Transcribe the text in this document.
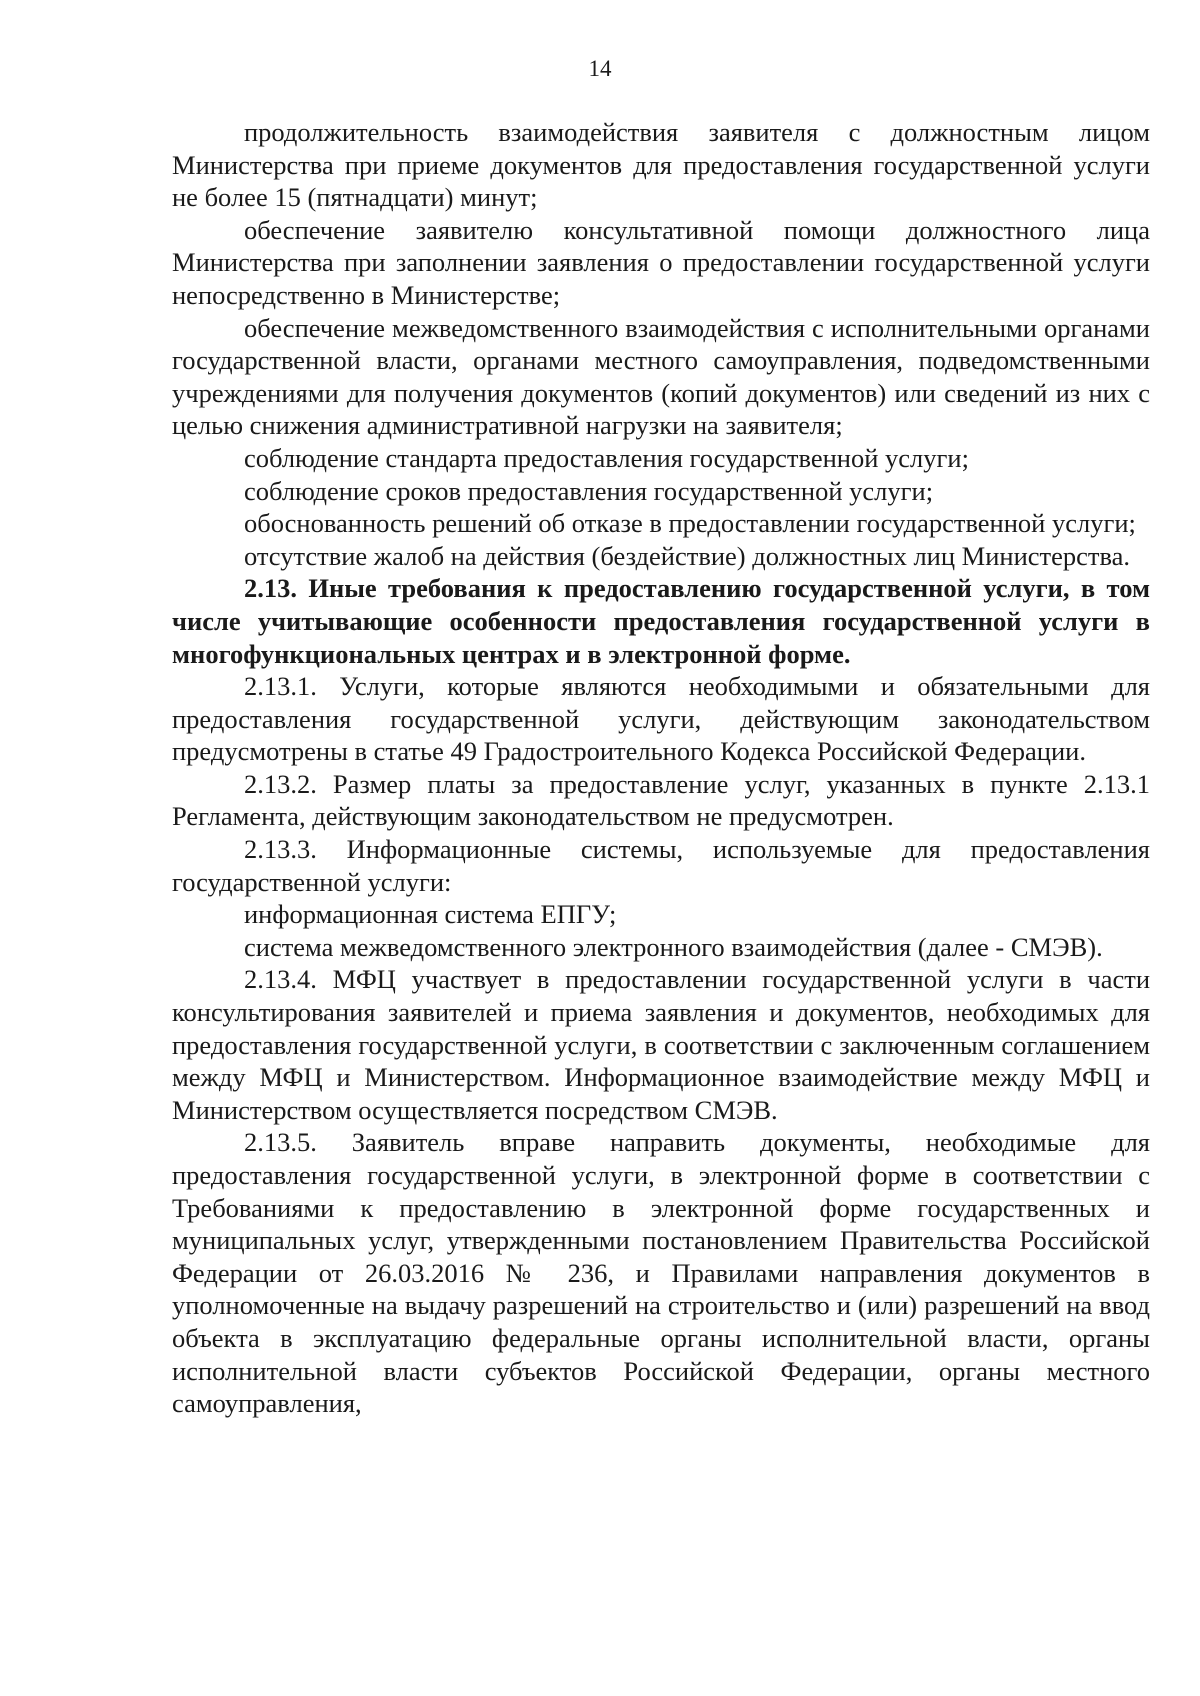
14

продолжительность взаимодействия заявителя с должностным лицом Министерства при приеме документов для предоставления государственной услуги не более 15 (пятнадцати) минут;

обеспечение заявителю консультативной помощи должностного лица Министерства при заполнении заявления о предоставлении государственной услуги непосредственно в Министерстве;

обеспечение межведомственного взаимодействия с исполнительными органами государственной власти, органами местного самоуправления, подведомственными учреждениями для получения документов (копий документов) или сведений из них с целью снижения административной нагрузки на заявителя;

соблюдение стандарта предоставления государственной услуги;

соблюдение сроков предоставления государственной услуги;

обоснованность решений об отказе в предоставлении государственной услуги;

отсутствие жалоб на действия (бездействие) должностных лиц Министерства.

2.13. Иные требования к предоставлению государственной услуги, в том числе учитывающие особенности предоставления государственной услуги в многофункциональных центрах и в электронной форме.

2.13.1. Услуги, которые являются необходимыми и обязательными для предоставления государственной услуги, действующим законодательством предусмотрены в статье 49 Градостроительного Кодекса Российской Федерации.

2.13.2. Размер платы за предоставление услуг, указанных в пункте 2.13.1 Регламента, действующим законодательством не предусмотрен.

2.13.3. Информационные системы, используемые для предоставления государственной услуги:

информационная система ЕПГУ;

система межведомственного электронного взаимодействия (далее - СМЭВ).

2.13.4. МФЦ участвует в предоставлении государственной услуги в части консультирования заявителей и приема заявления и документов, необходимых для предоставления государственной услуги, в соответствии с заключенным соглашением между МФЦ и Министерством. Информационное взаимодействие между МФЦ и Министерством осуществляется посредством СМЭВ.

2.13.5. Заявитель вправе направить документы, необходимые для предоставления государственной услуги, в электронной форме в соответствии с Требованиями к предоставлению в электронной форме государственных и муниципальных услуг, утвержденными постановлением Правительства Российской Федерации от 26.03.2016 № 236, и Правилами направления документов в уполномоченные на выдачу разрешений на строительство и (или) разрешений на ввод объекта в эксплуатацию федеральные органы исполнительной власти, органы исполнительной власти субъектов Российской Федерации, органы местного самоуправления,
